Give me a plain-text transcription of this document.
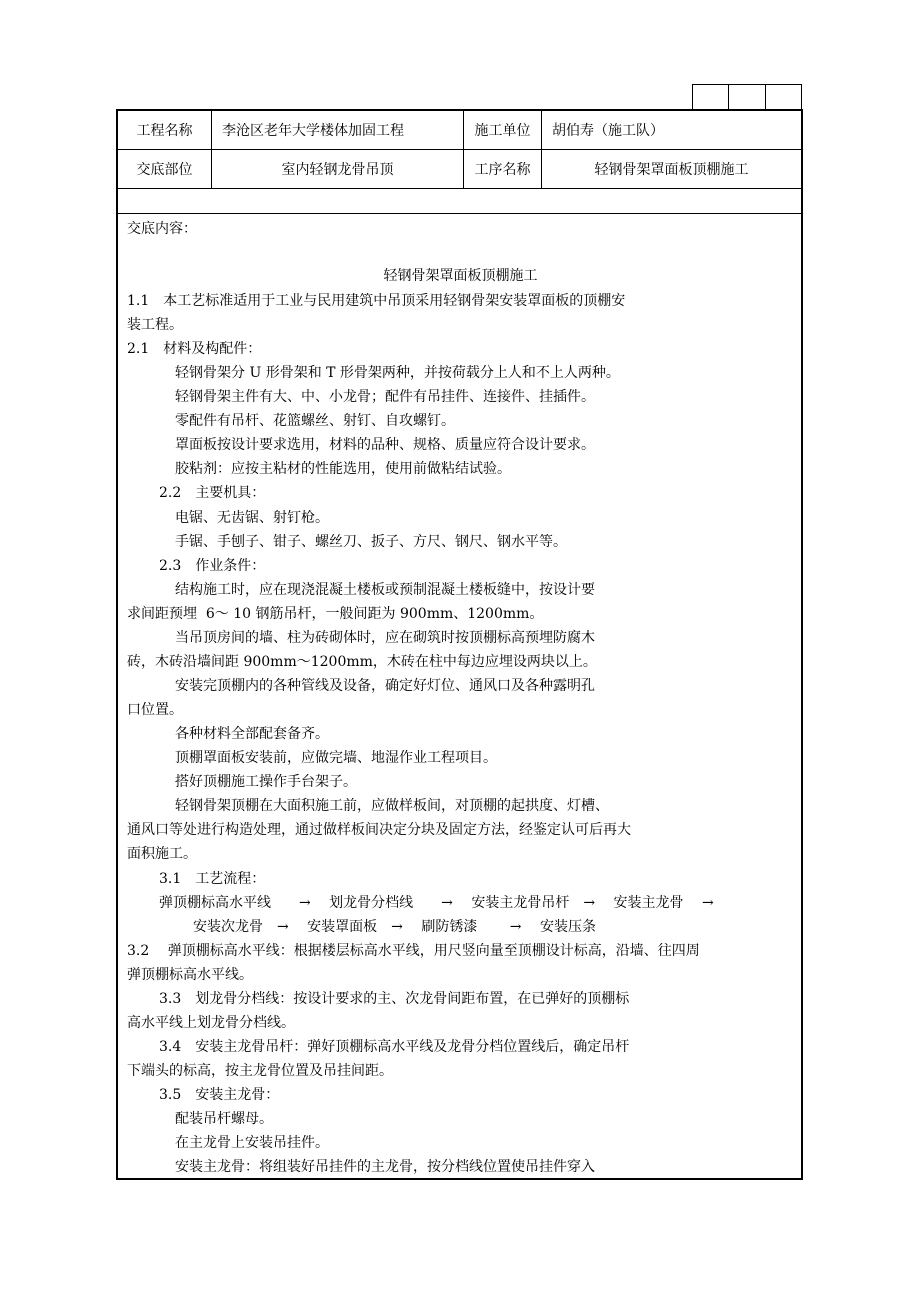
工程名称	李沧区老年大学楼体加固工程	施工单位	胡伯寿（施工队）
交底部位	室内轻钢龙骨吊顶	工序名称	轻钢骨架罩面板顶棚施工
交底内容：
轻钢骨架罩面板顶棚施工
1.1　本工艺标准适用于工业与民用建筑中吊顶采用轻钢骨架安装罩面板的顶棚安
装工程。
2.1　材料及构配件：
轻钢骨架分 U 形骨架和 T 形骨架两种，并按荷载分上人和不上人两种。
轻钢骨架主件有大、中、小龙骨；配件有吊挂件、连接件、挂插件。
零配件有吊杆、花篮螺丝、射钉、自攻螺钉。
罩面板按设计要求选用，材料的品种、规格、质量应符合设计要求。
胶粘剂：应按主粘材的性能选用，使用前做粘结试验。
2.2　主要机具：
电锯、无齿锯、射钉枪。
手锯、手刨子、钳子、螺丝刀、扳子、方尺、钢尺、钢水平等。
2.3　作业条件：
结构施工时，应在现浇混凝土楼板或预制混凝土楼板缝中，按设计要
求间距预埋  6～ 10 钢筋吊杆，一般间距为 900mm、1200mm。
当吊顶房间的墙、柱为砖砌体时，应在砌筑时按顶棚标高预埋防腐木
砖，木砖沿墙间距 900mm～1200mm，木砖在柱中每边应埋设两块以上。
安装完顶棚内的各种管线及设备，确定好灯位、通风口及各种露明孔
口位置。
各种材料全部配套备齐。
顶棚罩面板安装前，应做完墙、地湿作业工程项目。
搭好顶棚施工操作手台架子。
轻钢骨架顶棚在大面积施工前，应做样板间，对顶棚的起拱度、灯槽、
通风口等处进行构造处理，通过做样板间决定分块及固定方法，经鉴定认可后再大
面积施工。
3.1　工艺流程：
弹顶棚标高水平线　　→　 划龙骨分档线　　→　 安装主龙骨吊杆　→　 安装主龙骨　 →
安装次龙骨　→　 安装罩面板　→　 刷防锈漆　　 →　 安装压条
3.2　 弹顶棚标高水平线：根据楼层标高水平线，用尺竖向量至顶棚设计标高，沿墙、往四周
弹顶棚标高水平线。
3.3　划龙骨分档线：按设计要求的主、次龙骨间距布置，在已弹好的顶棚标
高水平线上划龙骨分档线。
3.4　安装主龙骨吊杆：弹好顶棚标高水平线及龙骨分档位置线后，确定吊杆
下端头的标高，按主龙骨位置及吊挂间距。
3.5　安装主龙骨：
配装吊杆螺母。
在主龙骨上安装吊挂件。
安装主龙骨：将组装好吊挂件的主龙骨，按分档线位置使吊挂件穿入
